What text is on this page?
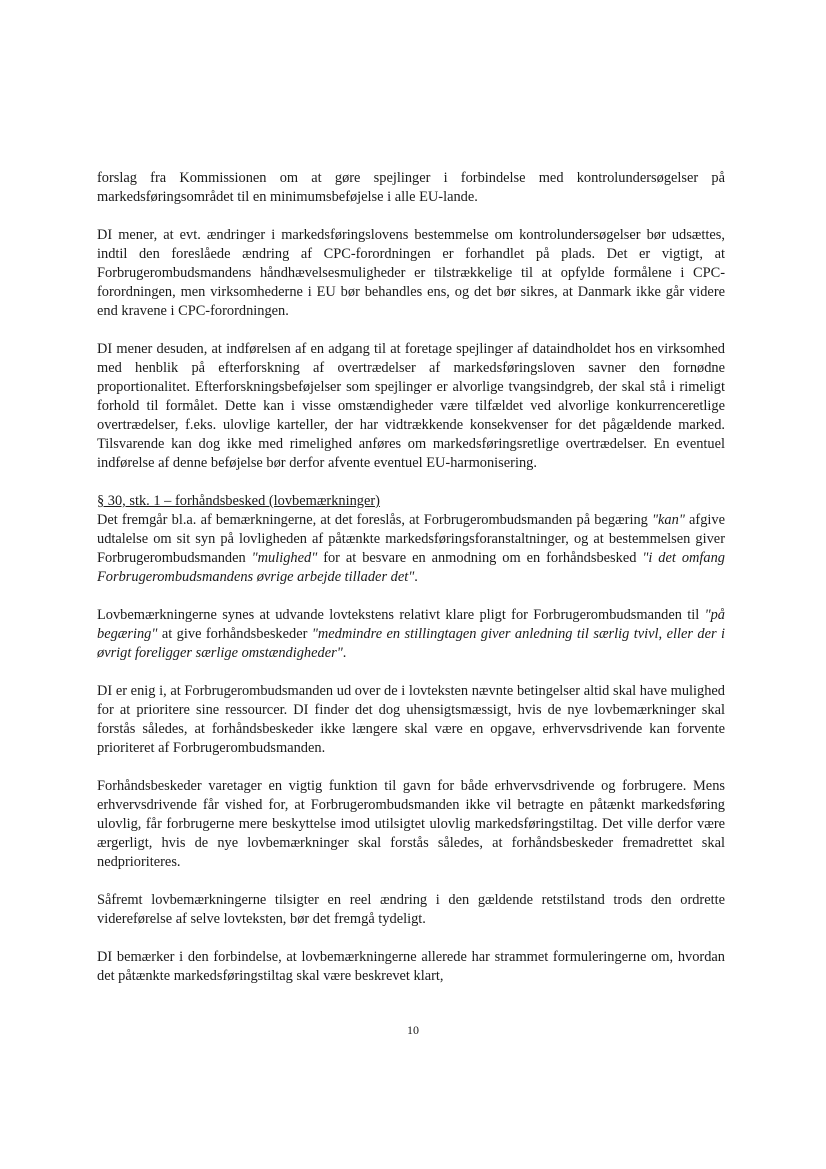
forslag fra Kommissionen om at gøre spejlinger i forbindelse med kontrolundersøgelser på markedsføringsområdet til en minimumsbeføjelse i alle EU-lande.

DI mener, at evt. ændringer i markedsføringslovens bestemmelse om kontrolundersøgelser bør udsættes, indtil den foreslåede ændring af CPC-forordningen er forhandlet på plads. Det er vigtigt, at Forbrugerombudsmandens håndhævelsesmuligheder er tilstrækkelige til at opfylde formålene i CPC-forordningen, men virksomhederne i EU bør behandles ens, og det bør sikres, at Danmark ikke går videre end kravene i CPC-forordningen.

DI mener desuden, at indførelsen af en adgang til at foretage spejlinger af dataindholdet hos en virksomhed med henblik på efterforskning af overtrædelser af markedsføringsloven savner den fornødne proportionalitet. Efterforskningsbeføjelser som spejlinger er alvorlige tvangsindgreb, der skal stå i rimeligt forhold til formålet. Dette kan i visse omstændigheder være tilfældet ved alvorlige konkurrenceretlige overtrædelser, f.eks. ulovlige karteller, der har vidtrækkende konsekvenser for det pågældende marked. Tilsvarende kan dog ikke med rimelighed anføres om markedsføringsretlige overtrædelser. En eventuel indførelse af denne beføjelse bør derfor afvente eventuel EU-harmonisering.

§ 30, stk. 1 – forhåndsbesked (lovbemærkninger)

Det fremgår bl.a. af bemærkningerne, at det foreslås, at Forbrugerombudsmanden på begæring "kan" afgive udtalelse om sit syn på lovligheden af påtænkte markedsføringsforanstaltninger, og at bestemmelsen giver Forbrugerombudsmanden "mulighed" for at besvare en anmodning om en forhåndsbesked "i det omfang Forbrugerombudsmandens øvrige arbejde tillader det".

Lovbemærkningerne synes at udvande lovtekstens relativt klare pligt for Forbrugerombudsmanden til "på begæring" at give forhåndsbeskeder "medmindre en stillingtagen giver anledning til særlig tvivl, eller der i øvrigt foreligger særlige omstændigheder".

DI er enig i, at Forbrugerombudsmanden ud over de i lovteksten nævnte betingelser altid skal have mulighed for at prioritere sine ressourcer. DI finder det dog uhensigtsmæssigt, hvis de nye lovbemærkninger skal forstås således, at forhåndsbeskeder ikke længere skal være en opgave, erhvervsdrivende kan forvente prioriteret af Forbrugerombudsmanden.

Forhåndsbeskeder varetager en vigtig funktion til gavn for både erhvervsdrivende og forbrugere. Mens erhvervsdrivende får vished for, at Forbrugerombudsmanden ikke vil betragte en påtænkt markedsføring ulovlig, får forbrugerne mere beskyttelse imod utilsigtet ulovlig markedsføringstiltag. Det ville derfor være ærgerligt, hvis de nye lovbemærkninger skal forstås således, at forhåndsbeskeder fremadrettet skal nedprioriteres.

Såfremt lovbemærkningerne tilsigter en reel ændring i den gældende retstilstand trods den ordrette videreførelse af selve lovteksten, bør det fremgå tydeligt.

DI bemærker i den forbindelse, at lovbemærkningerne allerede har strammet formuleringerne om, hvordan det påtænkte markedsføringstiltag skal være beskrevet klart,

10
